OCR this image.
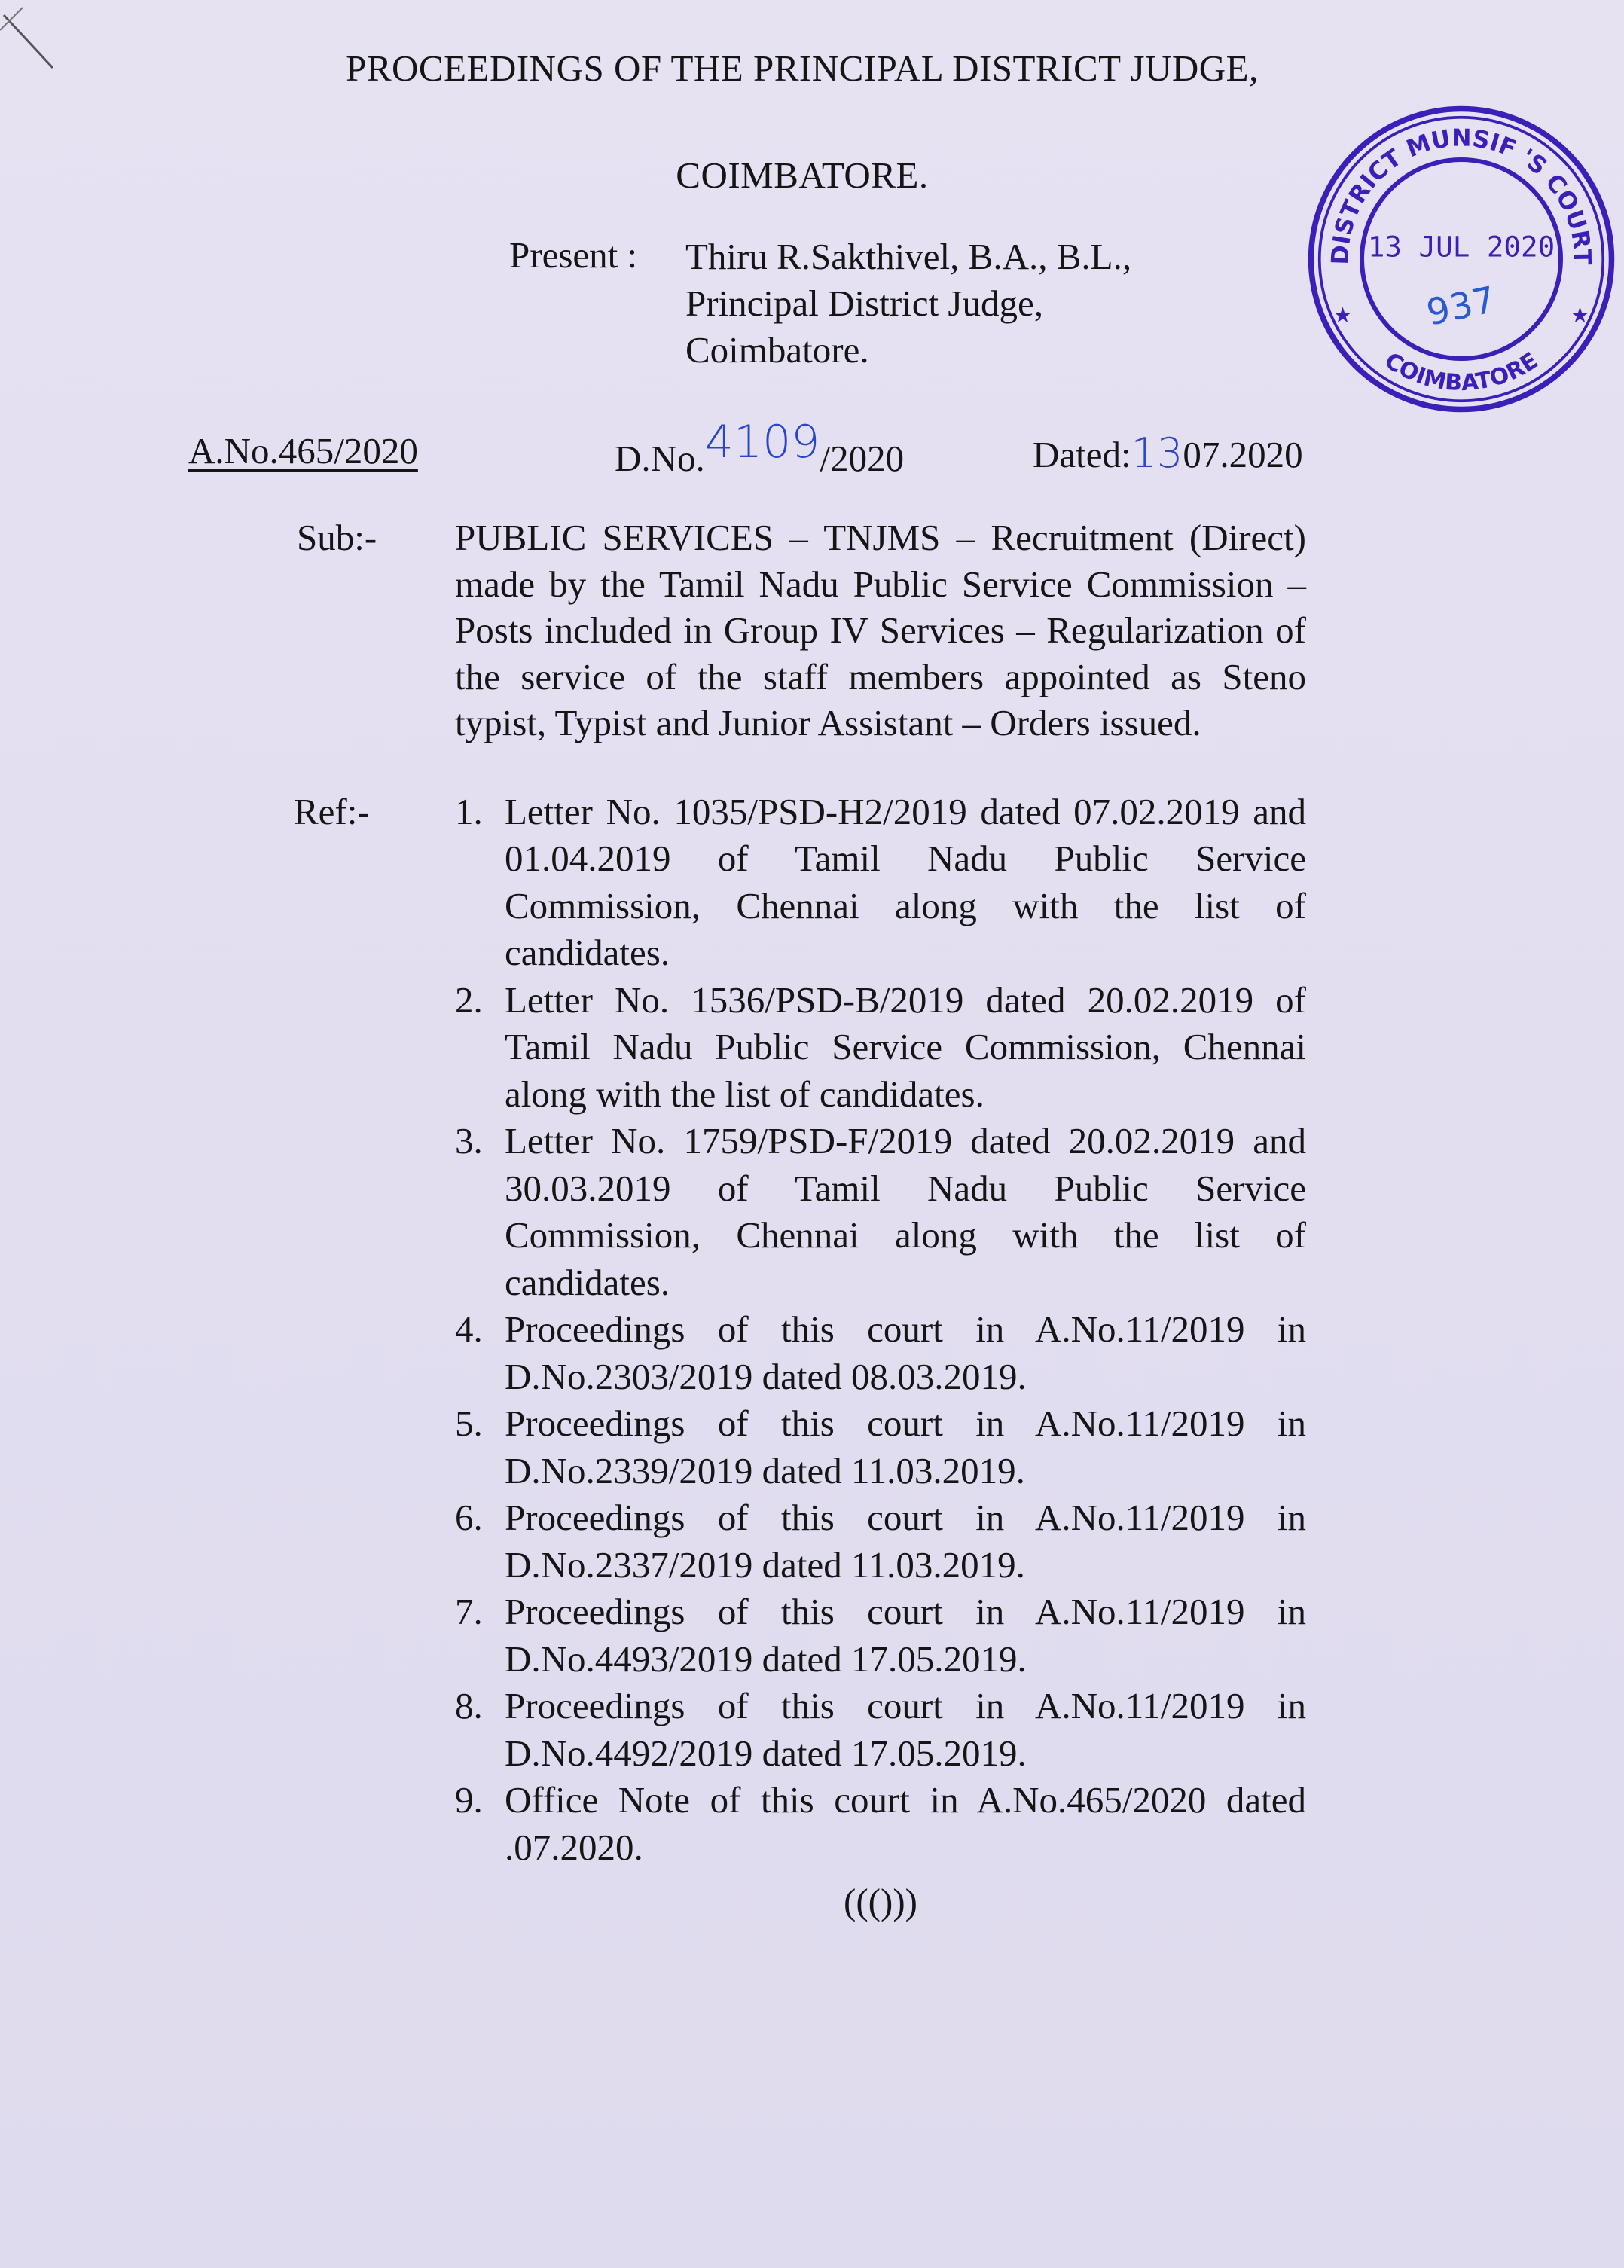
PROCEEDINGS OF THE PRINCIPAL DISTRICT JUDGE,
COIMBATORE.
Present : Thiru R.Sakthivel, B.A., B.L.,
Principal District Judge,
Coimbatore.
A.No.465/2020	D.No.4109/2020	Dated:1307.2020
Sub:-	PUBLIC SERVICES – TNJMS – Recruitment (Direct) made by the Tamil Nadu Public Service Commission – Posts included in Group IV Services – Regularization of the service of the staff members appointed as Steno typist, Typist and Junior Assistant – Orders issued.
Ref:-	1. Letter No. 1035/PSD-H2/2019 dated 07.02.2019 and 01.04.2019 of Tamil Nadu Public Service Commission, Chennai along with the list of candidates.
2. Letter No. 1536/PSD-B/2019 dated 20.02.2019 of Tamil Nadu Public Service Commission, Chennai along with the list of candidates.
3. Letter No. 1759/PSD-F/2019 dated 20.02.2019 and 30.03.2019 of Tamil Nadu Public Service Commission, Chennai along with the list of candidates.
4. Proceedings of this court in A.No.11/2019 in D.No.2303/2019 dated 08.03.2019.
5. Proceedings of this court in A.No.11/2019 in D.No.2339/2019 dated 11.03.2019.
6. Proceedings of this court in A.No.11/2019 in D.No.2337/2019 dated 11.03.2019.
7. Proceedings of this court in A.No.11/2019 in D.No.4493/2019 dated 17.05.2019.
8. Proceedings of this court in A.No.11/2019 in D.No.4492/2019 dated 17.05.2019.
9. Office Note of this court in A.No.465/2020 dated      .07.2020.
((()))
DISTRICT MUNSIF 'S COURT
COIMBATORE
★	★
13 JUL 2020
937
